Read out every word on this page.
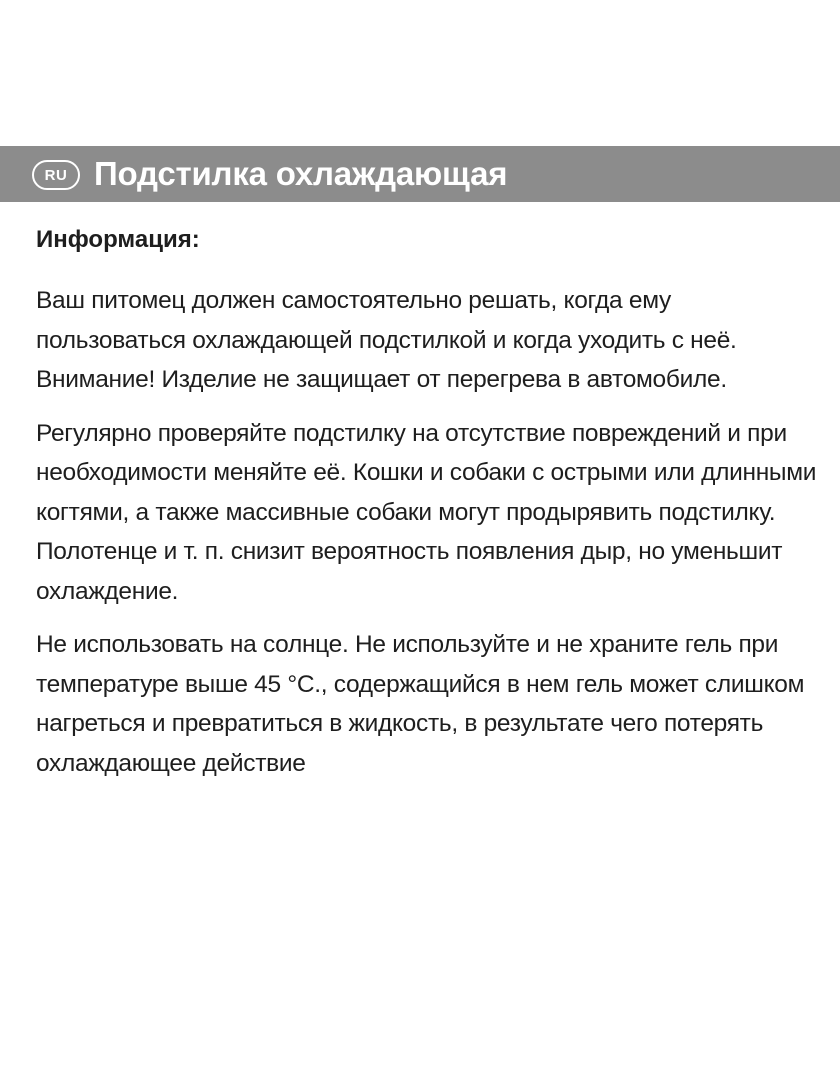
RU Подстилка охлаждающая
Информация:

Ваш питомец должен самостоятельно решать, когда ему пользоваться охлаждающей подстилкой и когда уходить с неё. Внимание! Изделие не защищает от перегрева в автомобиле.

Регулярно проверяйте подстилку на отсутствие повреждений и при необходимости меняйте её. Кошки и собаки с острыми или длинными когтями, а также массивные собаки могут продырявить подстилку. Полотенце и т. п. снизит вероятность появления дыр, но уменьшит охлаждение.

Не использовать на солнце. Не используйте и не храните гель при температуре выше 45 °C., содержащийся в нем гель может слишком нагреться и превратиться в жидкость, в результате чего потерять охлаждающее действие
